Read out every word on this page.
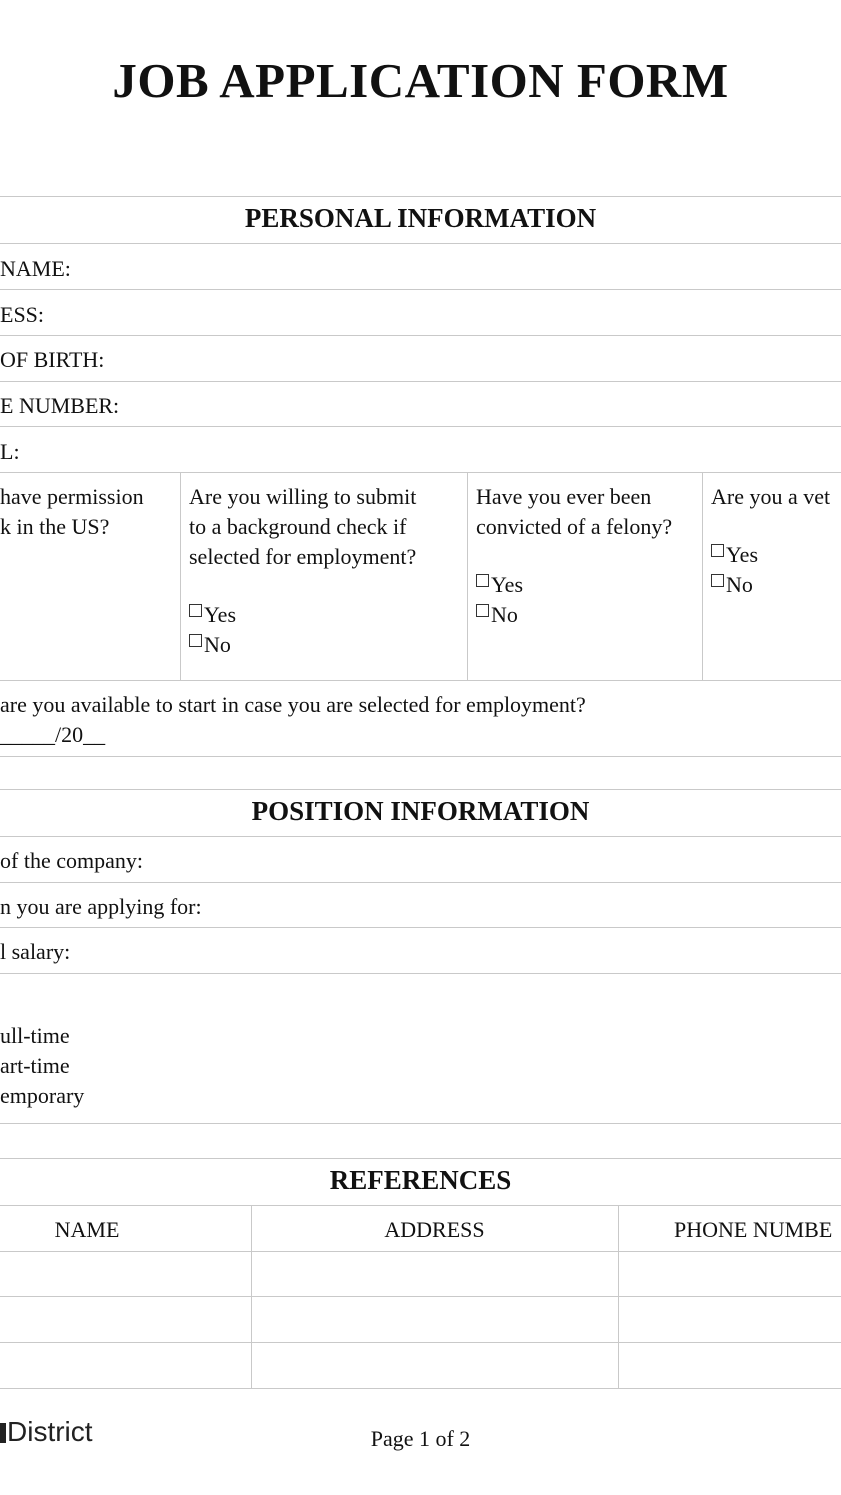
JOB APPLICATION FORM
PERSONAL INFORMATION
NAME:
ESS:
OF BIRTH:
E NUMBER:
L:
have permission
k in the US?
Are you willing to submit
to a background check if
selected for employment?
Yes
No
Have you ever been
convicted of a felony?
Yes
No
Are you a vet
Yes
No
are you available to start in case you are selected for employment?
_____/20__
POSITION INFORMATION
of the company:
n you are applying for:
l salary:
ull-time
art-time
emporary
REFERENCES
NAME	ADDRESS	PHONE NUMBE
District	Page 1 of 2
